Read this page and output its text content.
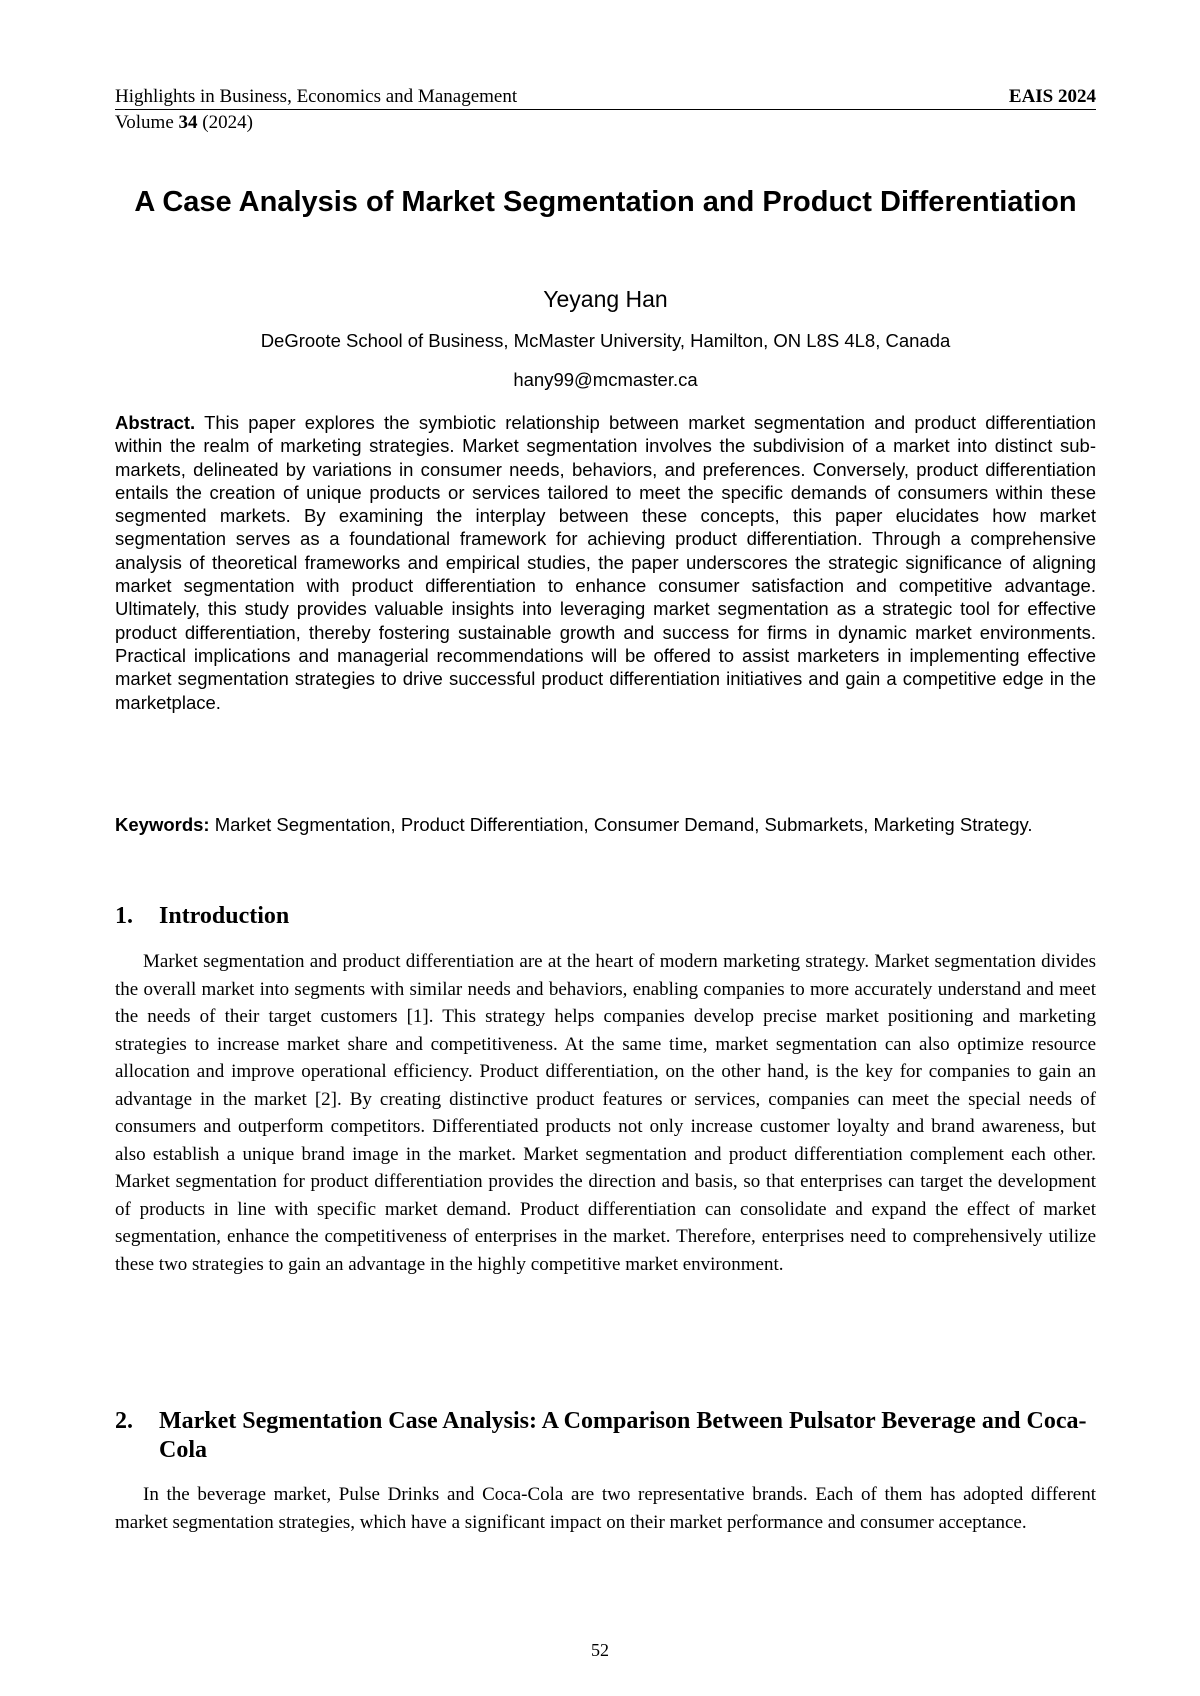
Highlights in Business, Economics and Management	EAIS 2024
Volume 34 (2024)
A Case Analysis of Market Segmentation and Product Differentiation
Yeyang Han
DeGroote School of Business, McMaster University, Hamilton, ON L8S 4L8, Canada
hany99@mcmaster.ca

Abstract. This paper explores the symbiotic relationship between market segmentation and product differentiation within the realm of marketing strategies. Market segmentation involves the subdivision of a market into distinct sub-markets, delineated by variations in consumer needs, behaviors, and preferences. Conversely, product differentiation entails the creation of unique products or services tailored to meet the specific demands of consumers within these segmented markets. By examining the interplay between these concepts, this paper elucidates how market segmentation serves as a foundational framework for achieving product differentiation. Through a comprehensive analysis of theoretical frameworks and empirical studies, the paper underscores the strategic significance of aligning market segmentation with product differentiation to enhance consumer satisfaction and competitive advantage. Ultimately, this study provides valuable insights into leveraging market segmentation as a strategic tool for effective product differentiation, thereby fostering sustainable growth and success for firms in dynamic market environments. Practical implications and managerial recommendations will be offered to assist marketers in implementing effective market segmentation strategies to drive successful product differentiation initiatives and gain a competitive edge in the marketplace.

Keywords: Market Segmentation, Product Differentiation, Consumer Demand, Submarkets, Marketing Strategy.

1. Introduction

Market segmentation and product differentiation are at the heart of modern marketing strategy. Market segmentation divides the overall market into segments with similar needs and behaviors, enabling companies to more accurately understand and meet the needs of their target customers [1]. This strategy helps companies develop precise market positioning and marketing strategies to increase market share and competitiveness. At the same time, market segmentation can also optimize resource allocation and improve operational efficiency. Product differentiation, on the other hand, is the key for companies to gain an advantage in the market [2]. By creating distinctive product features or services, companies can meet the special needs of consumers and outperform competitors. Differentiated products not only increase customer loyalty and brand awareness, but also establish a unique brand image in the market. Market segmentation and product differentiation complement each other. Market segmentation for product differentiation provides the direction and basis, so that enterprises can target the development of products in line with specific market demand. Product differentiation can consolidate and expand the effect of market segmentation, enhance the competitiveness of enterprises in the market. Therefore, enterprises need to comprehensively utilize these two strategies to gain an advantage in the highly competitive market environment.

2. Market Segmentation Case Analysis: A Comparison Between Pulsator Beverage and Coca-Cola

In the beverage market, Pulse Drinks and Coca-Cola are two representative brands. Each of them has adopted different market segmentation strategies, which have a significant impact on their market performance and consumer acceptance.

52
